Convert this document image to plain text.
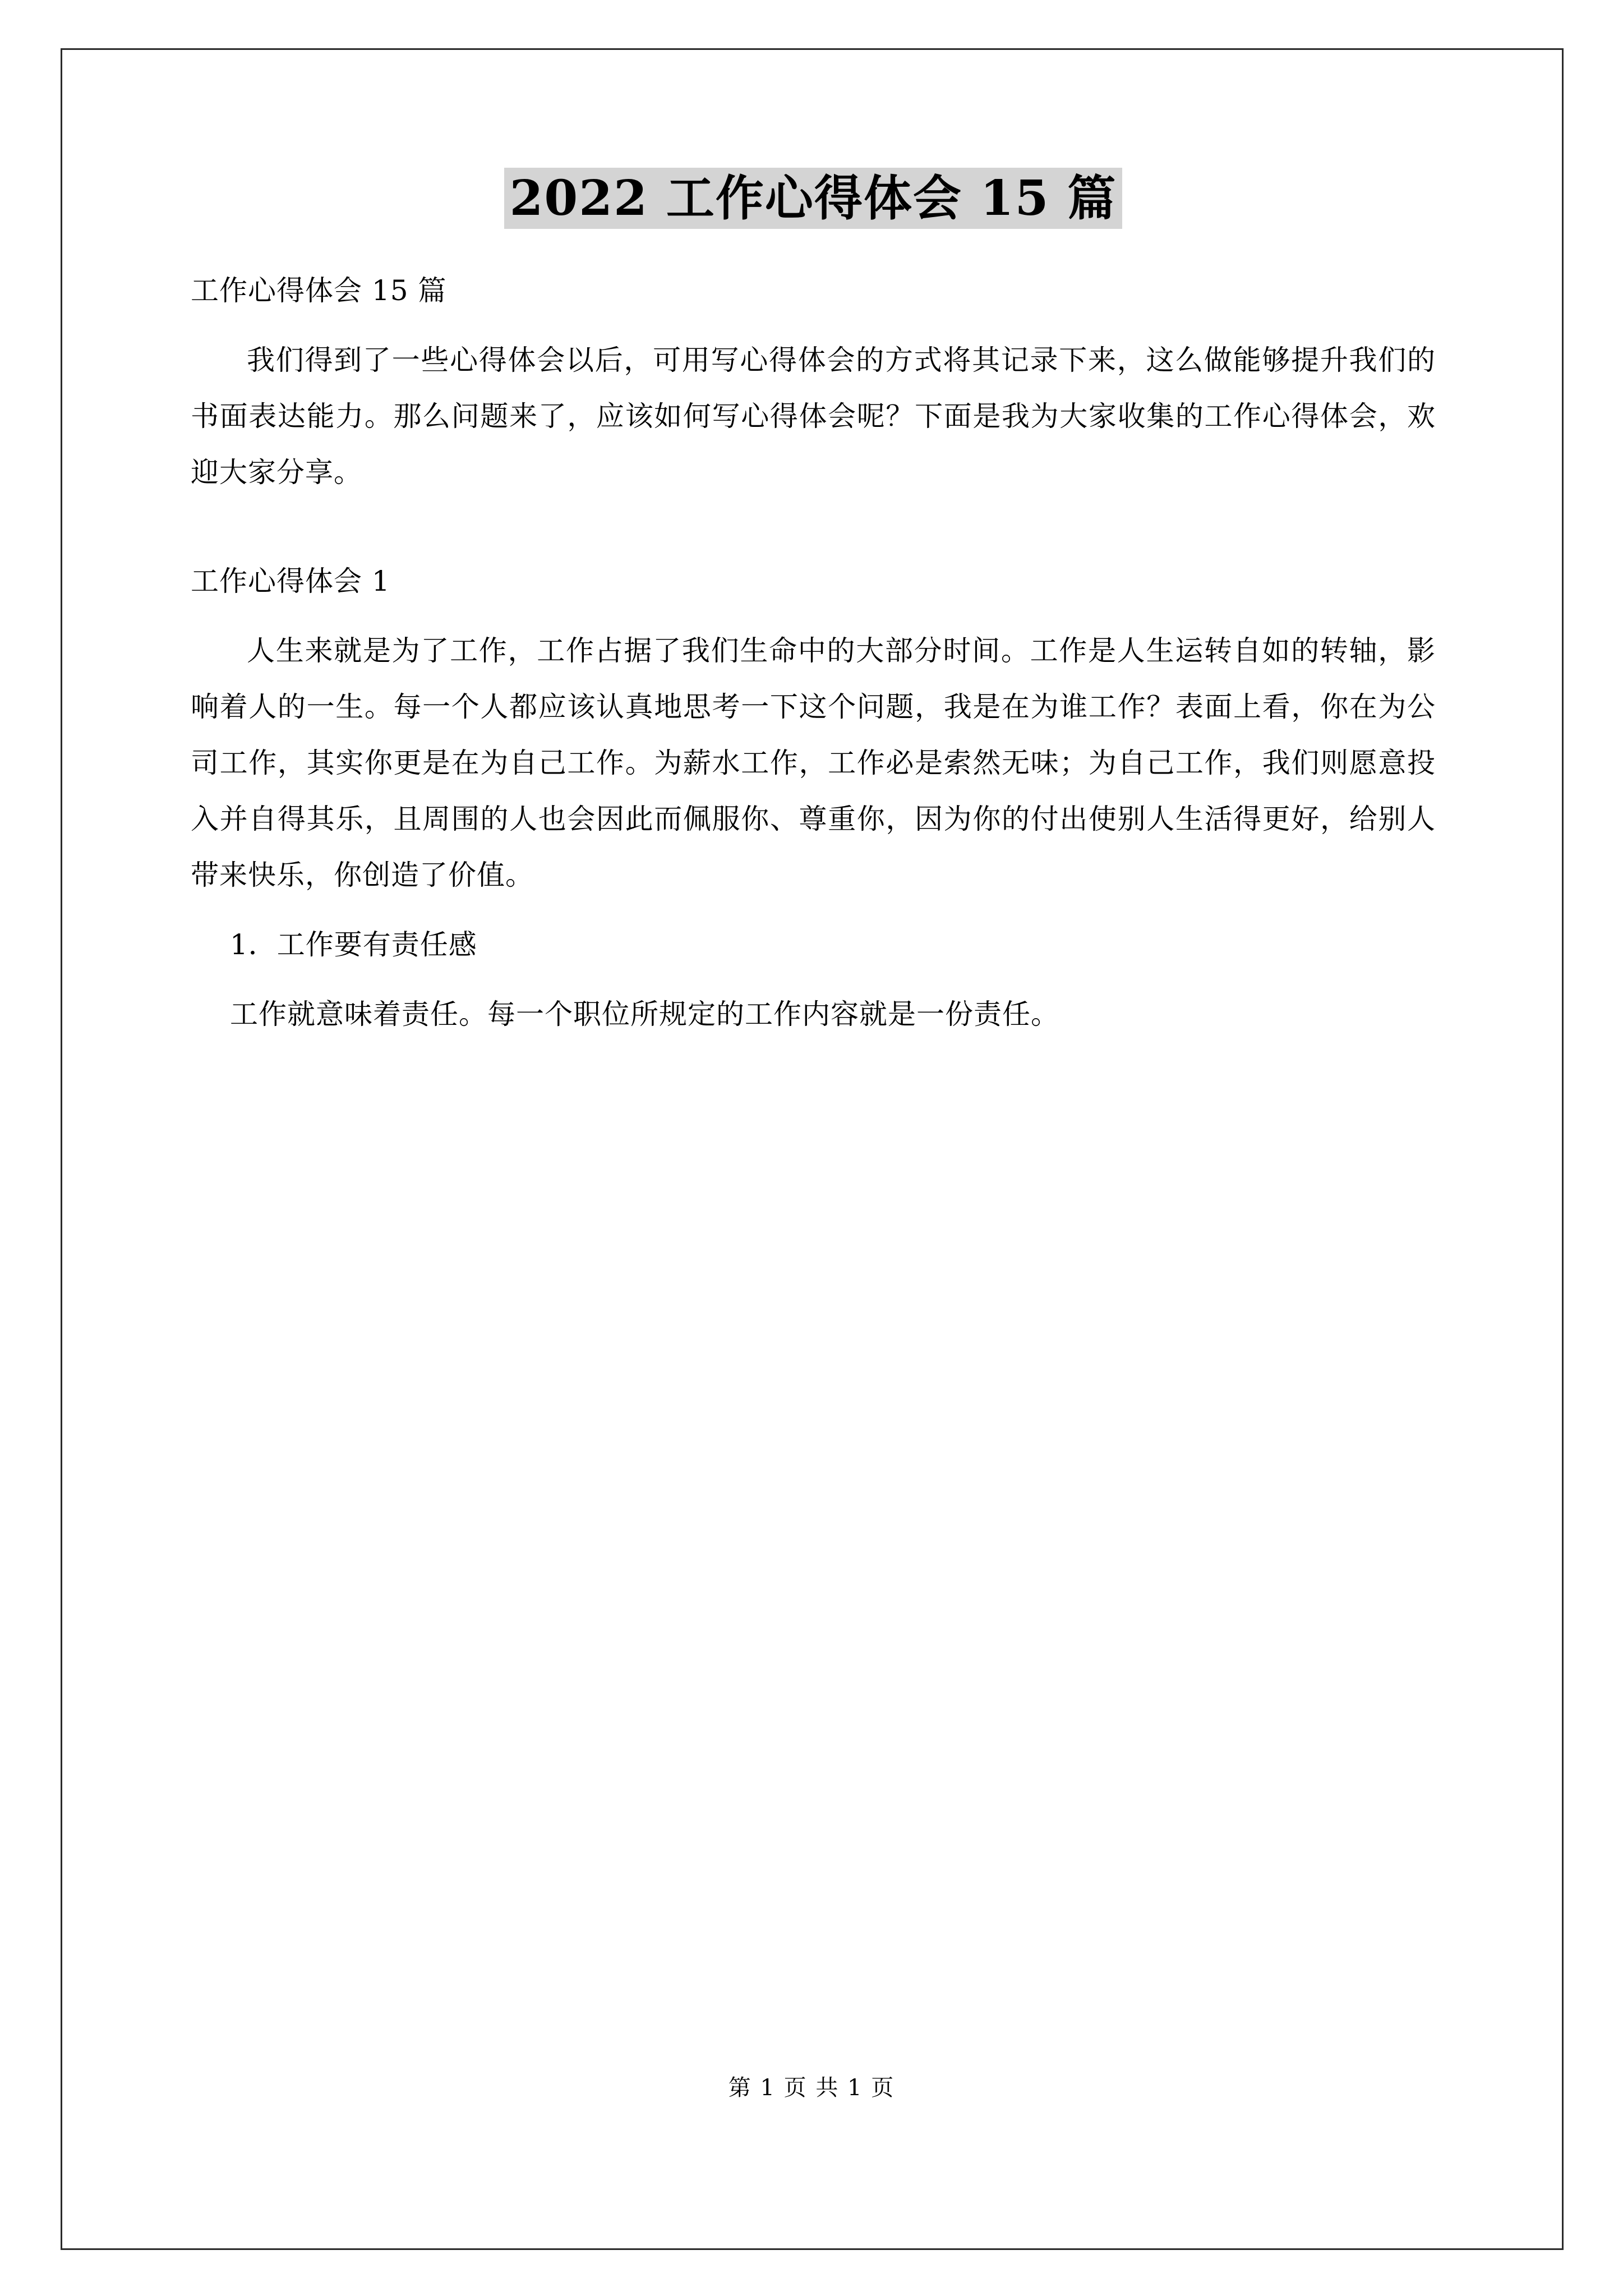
2022 工作心得体会 15 篇

工作心得体会 15 篇

我们得到了一些心得体会以后，可用写心得体会的方式将其记录下来，这么做能够提升我们的书面表达能力。那么问题来了，应该如何写心得体会呢？下面是我为大家收集的工作心得体会，欢迎大家分享。

工作心得体会 1

人生来就是为了工作，工作占据了我们生命中的大部分时间。工作是人生运转自如的转轴，影响着人的一生。每一个人都应该认真地思考一下这个问题，我是在为谁工作？表面上看，你在为公司工作，其实你更是在为自己工作。为薪水工作，工作必是索然无味；为自己工作，我们则愿意投入并自得其乐，且周围的人也会因此而佩服你、尊重你，因为你的付出使别人生活得更好，给别人带来快乐，你创造了价值。

1．工作要有责任感

工作就意味着责任。每一个职位所规定的工作内容就是一份责任。

第 1 页 共 1 页
